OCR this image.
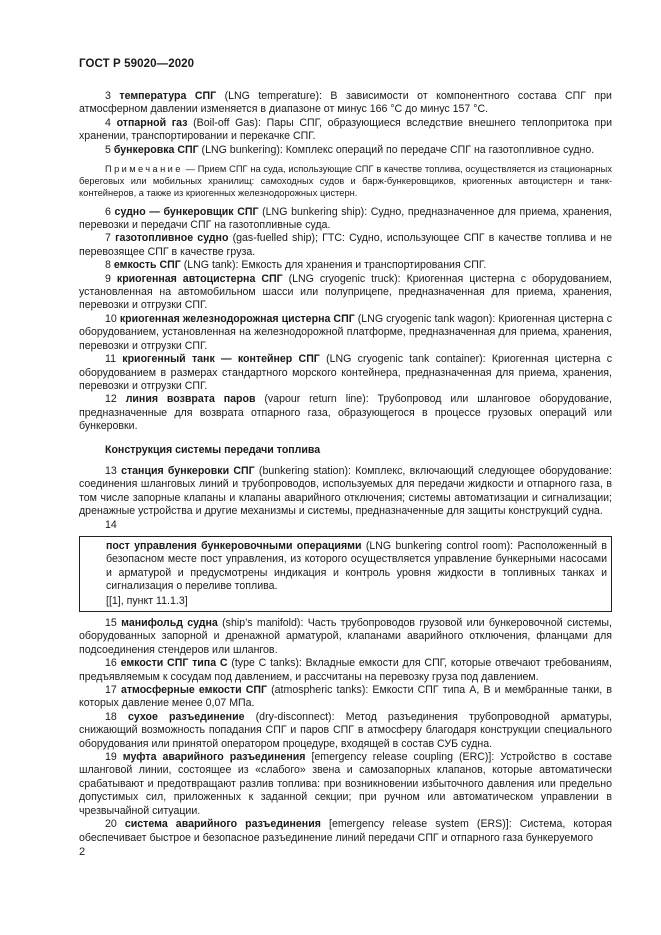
ГОСТ Р 59020—2020

3 температура СПГ (LNG temperature): В зависимости от компонентного состава СПГ при атмосферном давлении изменяется в диапазоне от минус 166 °С до минус 157 °С.

4 отпарной газ (Boil-off Gas): Пары СПГ, образующиеся вследствие внешнего теплопритока при хранении, транспортировании и перекачке СПГ.

5 бункеровка СПГ (LNG bunkering): Комплекс операций по передаче СПГ на газотопливное судно.

Примечание — Прием СПГ на суда, использующие СПГ в качестве топлива, осуществляется из стационарных береговых или мобильных хранилищ: самоходных судов и барж-бункеровщиков, криогенных автоцистерн и танк-контейнеров, а также из криогенных железнодорожных цистерн.

6 судно — бункеровщик СПГ (LNG bunkering ship): Судно, предназначенное для приема, хранения, перевозки и передачи СПГ на газотопливные суда.

7 газотопливное судно (gas-fuelled ship); ГТС: Судно, использующее СПГ в качестве топлива и не перевозящее СПГ в качестве груза.

8 емкость СПГ (LNG tank): Емкость для хранения и транспортирования СПГ.

9 криогенная автоцистерна СПГ (LNG cryogenic truck): Криогенная цистерна с оборудованием, установленная на автомобильном шасси или полуприцепе, предназначенная для приема, хранения, перевозки и отгрузки СПГ.

10 криогенная железнодорожная цистерна СПГ (LNG cryogenic tank wagon): Криогенная цистерна с оборудованием, установленная на железнодорожной платформе, предназначенная для приема, хранения, перевозки и отгрузки СПГ.

11 криогенный танк — контейнер СПГ (LNG cryogenic tank container): Криогенная цистерна с оборудованием в размерах стандартного морского контейнера, предназначенная для приема, хранения, перевозки и отгрузки СПГ.

12 линия возврата паров (vapour return line): Трубопровод или шланговое оборудование, предназначенные для возврата отпарного газа, образующегося в процессе грузовых операций или бункеровки.

Конструкция системы передачи топлива

13 станция бункеровки СПГ (bunkering station): Комплекс, включающий следующее оборудование: соединения шланговых линий и трубопроводов, используемых для передачи жидкости и отпарного газа, в том числе запорные клапаны и клапаны аварийного отключения; системы автоматизации и сигнализации; дренажные устройства и другие механизмы и системы, предназначенные для защиты конструкций судна.

14

пост управления бункеровочными операциями (LNG bunkering control room): Расположенный в безопасном месте пост управления, из которого осуществляется управление бункерными насосами и арматурой и предусмотрены индикация и контроль уровня жидкости в топливных танках и сигнализация о переливе топлива.

[[1], пункт 11.1.3]

15 манифольд судна (ship’s manifold): Часть трубопроводов грузовой или бункеровочной системы, оборудованных запорной и дренажной арматурой, клапанами аварийного отключения, фланцами для подсоединения стендеров или шлангов.

16 емкости СПГ типа С (type C tanks): Вкладные емкости для СПГ, которые отвечают требованиям, предъявляемым к сосудам под давлением, и рассчитаны на перевозку груза под давлением.

17 атмосферные емкости СПГ (atmospheric tanks): Емкости СПГ типа А, В и мембранные танки, в которых давление менее 0,07 МПа.

18 сухое разъединение (dry-disconnect): Метод разъединения трубопроводной арматуры, снижающий возможность попадания СПГ и паров СПГ в атмосферу благодаря конструкции специального оборудования или принятой оператором процедуре, входящей в состав СУБ судна.

19 муфта аварийного разъединения [emergency release coupling (ERC)]: Устройство в составе шланговой линии, состоящее из «слабого» звена и самозапорных клапанов, которые автоматически срабатывают и предотвращают разлив топлива: при возникновении избыточного давления или предельно допустимых сил, приложенных к заданной секции; при ручном или автоматическом управлении в чрезвычайной ситуации.

20 система аварийного разъединения [emergency release system (ERS)]: Система, которая обеспечивает быстрое и безопасное разъединение линий передачи СПГ и отпарного газа бункеруемого

2
